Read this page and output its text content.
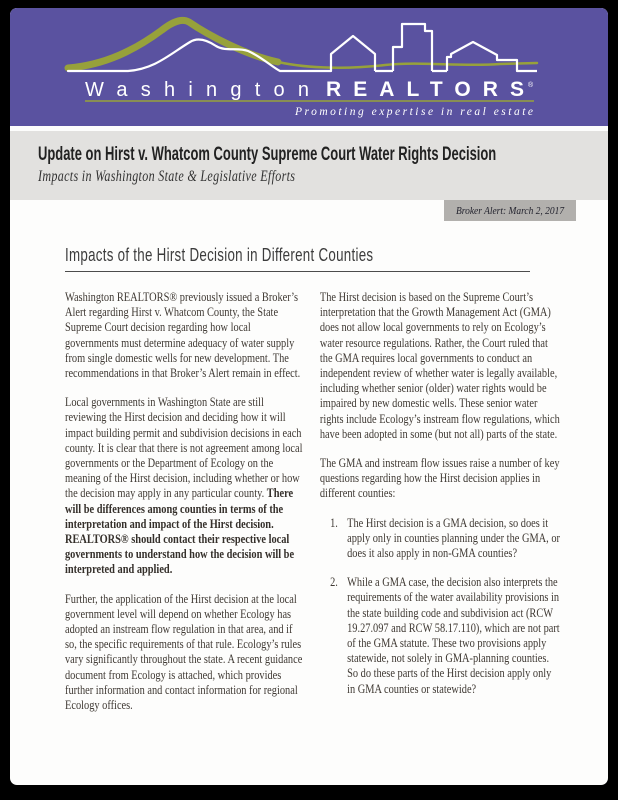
Washington REALTORS ®
Promoting expertise in real estate
Update on Hirst v. Whatcom County Supreme Court Water Rights Decision

Impacts in Washington State & Legislative Efforts

Broker Alert: March 2, 2017
Impacts of the Hirst Decision in Different Counties

Washington REALTORS® previously issued a Broker’s Alert regarding Hirst v. Whatcom County, the State Supreme Court decision regarding how local governments must determine adequacy of water supply from single domestic wells for new development. The recommendations in that Broker’s Alert remain in effect.

Local governments in Washington State are still reviewing the Hirst decision and deciding how it will impact building permit and subdivision decisions in each county. It is clear that there is not agreement among local governments or the Department of Ecology on the meaning of the Hirst decision, including whether or how the decision may apply in any particular county. There will be differences among counties in terms of the interpretation and impact of the Hirst decision. REALTORS® should contact their respective local governments to understand how the decision will be interpreted and applied.

Further, the application of the Hirst decision at the local government level will depend on whether Ecology has adopted an instream flow regulation in that area, and if so, the specific requirements of that rule. Ecology’s rules vary significantly throughout the state. A recent guidance document from Ecology is attached, which provides further information and contact information for regional Ecology offices.

The Hirst decision is based on the Supreme Court’s interpretation that the Growth Management Act (GMA) does not allow local governments to rely on Ecology’s water resource regulations. Rather, the Court ruled that the GMA requires local governments to conduct an independent review of whether water is legally available, including whether senior (older) water rights would be impaired by new domestic wells. These senior water rights include Ecology’s instream flow regulations, which have been adopted in some (but not all) parts of the state.

The GMA and instream flow issues raise a number of key questions regarding how the Hirst decision applies in different counties:

1. The Hirst decision is a GMA decision, so does it apply only in counties planning under the GMA, or does it also apply in non-GMA counties?
2. While a GMA case, the decision also interprets the requirements of the water availability provisions in the state building code and subdivision act (RCW 19.27.097 and RCW 58.17.110), which are not part of the GMA statute. These two provisions apply statewide, not solely in GMA-planning counties. So do these parts of the Hirst decision apply only in GMA counties or statewide?
